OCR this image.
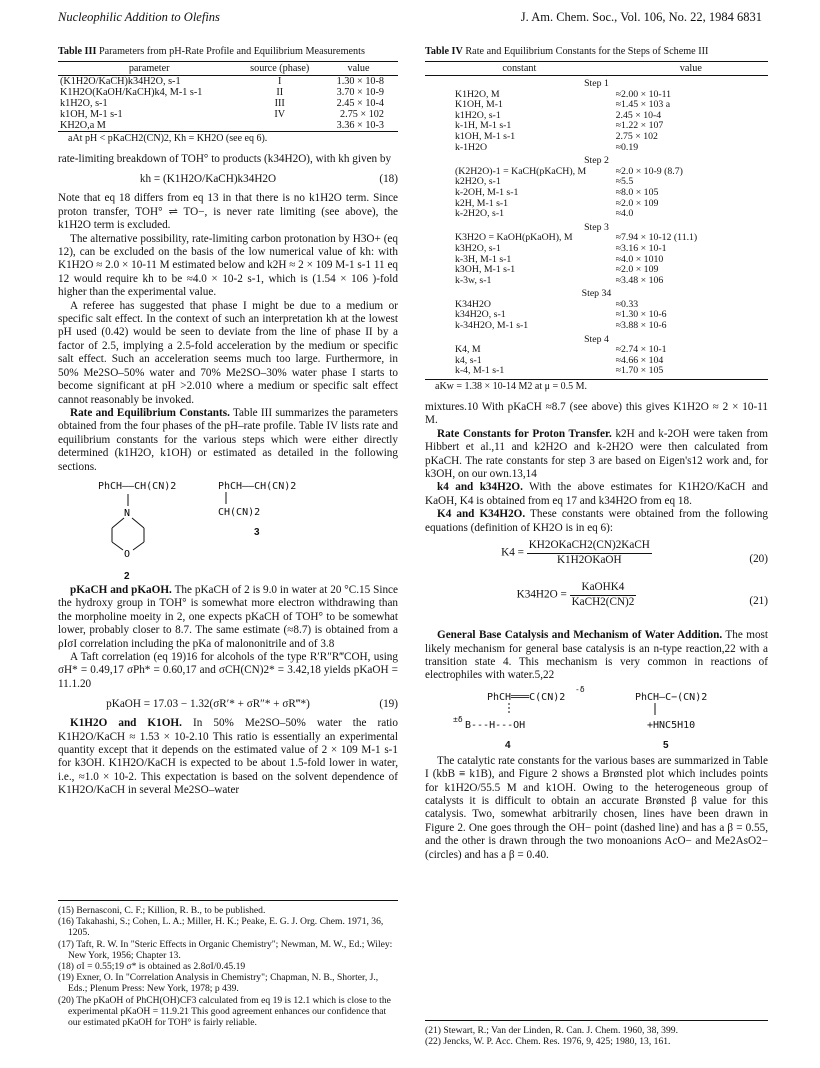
Nucleophilic Addition to Olefins	J. Am. Chem. Soc., Vol. 106, No. 22, 1984 6831
Table III Parameters from pH-Rate Profile and Equilibrium Measurements
parameter	source (phase)	value
(K1H2O/KaCH)k34H2O, s-1	I	1.30 × 10-8
K1H2O(KaOH/KaCH)k4, M-1 s-1	II	3.70 × 10-9
k1H2O, s-1	III	2.45 × 10-4
k1OH, M-1 s-1	IV	2.75 × 102
KH2O,a M		3.36 × 10-3
aAt pH < pKaCH2(CN)2, Kh = KH2O (see eq 6).

rate-limiting breakdown of TOH° to products (k34H2O), with kh given by

kh = (K1H2O/KaCH)k34H2O	(18)

Note that eq 18 differs from eq 13 in that there is no k1H2O term. Since proton transfer, TOH° ⇌ TO−, is never rate limiting (see above), the k1H2O term is excluded.

The alternative possibility, rate-limiting carbon protonation by H3O+ (eq 12), can be excluded on the basis of the low numerical value of kh: with K1H2O ≈ 2.0 × 10-11 M estimated below and k2H ≈ 2 × 109 M-1 s-1 11 eq 12 would require kh to be ≈4.0 × 10-2 s-1, which is (1.54 × 106 )-fold higher than the experimental value.

A referee has suggested that phase I might be due to a medium or specific salt effect. In the context of such an interpretation kh at the lowest pH used (0.42) would be seen to deviate from the line of phase II by a factor of 2.5, implying a 2.5-fold acceleration by the medium or specific salt effect. Such an acceleration seems much too large. Furthermore, in 50% Me2SO–50% water and 70% Me2SO–30% water phase I starts to become significant at pH >2.010 where a medium or specific salt effect cannot reasonably be invoked.

Rate and Equilibrium Constants. Table III summarizes the parameters obtained from the four phases of the pH–rate profile. Table IV lists rate and equilibrium constants for the various steps which were either directly determined (k1H2O, k1OH) or estimated as detailed in the following sections.

PhCH——CH(CN)2	PhCH——CH(CN)2
N
O
CH(CN)2
3
2

pKaCH and pKaOH. The pKaCH of 2 is 9.0 in water at 20 °C.15 Since the hydroxy group in TOH° is somewhat more electron withdrawing than the morpholine moeity in 2, one expects pKaCH of TOH° to be somewhat lower, probably closer to 8.7. The same estimate (≈8.7) is obtained from a ρIσI correlation including the pKa of malononitrile and of 3.8

A Taft correlation (eq 19)16 for alcohols of the type R′R″R‴COH, using σH* = 0.49,17 σPh* = 0.60,17 and σCH(CN)2* = 3.42,18 yields pKaOH = 11.1.20

pKaOH = 17.03 − 1.32(σR′* + σR″* + σR‴*)	(19)

K1H2O and K1OH. In 50% Me2SO–50% water the ratio K1H2O/KaCH ≈ 1.53 × 10-2.10 This ratio is essentially an experimental quantity except that it depends on the estimated value of 2 × 109 M-1 s-1 for k3OH. K1H2O/KaCH is expected to be about 1.5-fold lower in water, i.e., ≈1.0 × 10-2. This expectation is based on the solvent dependence of K1H2O/KaCH in several Me2SO–water

(15) Bernasconi, C. F.; Killion, R. B., to be published.
(16) Takahashi, S.; Cohen, L. A.; Miller, H. K.; Peake, E. G. J. Org. Chem. 1971, 36, 1205.
(17) Taft, R. W. In "Steric Effects in Organic Chemistry"; Newman, M. W., Ed.; Wiley: New York, 1956; Chapter 13.
(18) σI = 0.55;19 σ* is obtained as 2.8σI/0.45.19
(19) Exner, O. In "Correlation Analysis in Chemistry"; Chapman, N. B., Shorter, J., Eds.; Plenum Press: New York, 1978; p 439.
(20) The pKaOH of PhCH(OH)CF3 calculated from eq 19 is 12.1 which is close to the experimental pKaOH = 11.9.21 This good agreement enhances our confidence that our estimated pKaOH for TOH° is fairly reliable.
Table IV Rate and Equilibrium Constants for the Steps of Scheme III
constant	value
Step 1	
K1H2O, M	≈2.00 × 10-11
K1OH, M-1	≈1.45 × 103 a
k1H2O, s-1	2.45 × 10-4
k-1H, M-1 s-1	≈1.22 × 107
k1OH, M-1 s-1	2.75 × 102
k-1H2O	≈0.19
Step 2	
(K2H2O)-1 = KaCH(pKaCH), M	≈2.0 × 10-9 (8.7)
k2H2O, s-1	≈5.5
k-2OH, M-1 s-1	≈8.0 × 105
k2H, M-1 s-1	≈2.0 × 109
k-2H2O, s-1	≈4.0
Step 3	
K3H2O = KaOH(pKaOH), M	≈7.94 × 10-12 (11.1)
k3H2O, s-1	≈3.16 × 10-1
k-3H, M-1 s-1	≈4.0 × 1010
k3OH, M-1 s-1	≈2.0 × 109
k-3w, s-1	≈3.48 × 106
Step 34	
K34H2O	≈0.33
k34H2O, s-1	≈1.30 × 10-6
k-34H2O, M-1 s-1	≈3.88 × 10-6
Step 4	
K4, M	≈2.74 × 10-1
k4, s-1	≈4.66 × 104
k-4, M-1 s-1	≈1.70 × 105
aKw = 1.38 × 10-14 M2 at μ = 0.5 M.

mixtures.10 With pKaCH ≈8.7 (see above) this gives K1H2O ≈ 2 × 10-11 M.

Rate Constants for Proton Transfer. k2H and k-2OH were taken from Hibbert et al.,11 and k2H2O and k-2H2O were then calculated from pKaCH. The rate constants for step 3 are based on Eigen's12 work and, for k3OH, on our own.13,14

k4 and k34H2O. With the above estimates for K1H2O/KaCH and KaOH, K4 is obtained from eq 17 and k34H2O from eq 18.

K4 and K34H2O. These constants were obtained from the following equations (definition of KH2O is in eq 6):

$K4 = \frac{\text{KH2OKaCH2(CN)2KaCH}}{\text{K1H2OKaOH}}$	(20)
$K34H2O = \frac{\text{KaOHK4}}{\text{KaCH2(CN)2}}$	(21)

General Base Catalysis and Mechanism of Water Addition. The most likely mechanism for general base catalysis is an n-type reaction,22 with a transition state 4. This mechanism is very common in reactions of electrophiles with water.5,22

PhCH═══C(CN)2
-δ
±δ
B---H---OH
4
PhCH—C−(CN)2
+HNC5H10
5

The catalytic rate constants for the various bases are summarized in Table I (kbB ≡ k1B), and Figure 2 shows a Brønsted plot which includes points for k1H2O/55.5 M and k1OH. Owing to the heterogeneous group of catalysts it is difficult to obtain an accurate Brønsted β value for this catalysis. Two, somewhat arbitrarily chosen, lines have been drawn in Figure 2. One goes through the OH− point (dashed line) and has a β = 0.55, and the other is drawn through the two monoanions AcO− and Me2AsO2− (circles) and has a β = 0.40.

(21) Stewart, R.; Van der Linden, R. Can. J. Chem. 1960, 38, 399.
(22) Jencks, W. P. Acc. Chem. Res. 1976, 9, 425; 1980, 13, 161.
